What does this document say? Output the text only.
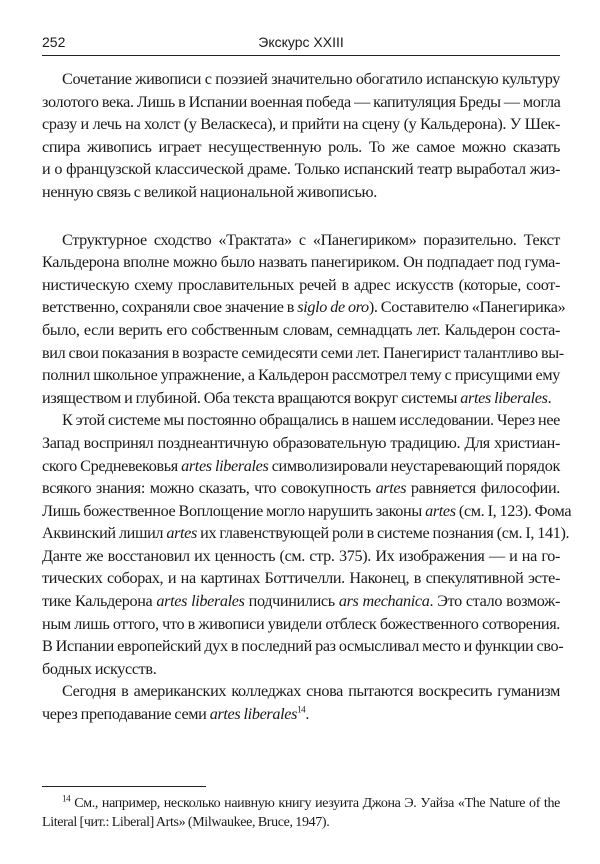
252	Экскурс XXIII
Сочетание живописи с поэзией значительно обогатило испанскую культуру
золотого века. Лишь в Испании военная победа — капитуляция Бреды — могла
сразу и лечь на холст (у Веласкеса), и прийти на сцену (у Кальдерона). У Шек-
спира живопись играет несущественную роль. То же самое можно сказать
и о французской классической драме. Только испанский театр выработал жиз-
ненную связь с великой национальной живописью.
Структурное сходство «Трактата» с «Панегириком» поразительно. Текст
Кальдерона вполне можно было назвать панегириком. Он подпадает под гума-
нистическую схему прославительных речей в адрес искусств (которые, соот-
ветственно, сохраняли свое значение в siglo de oro). Составителю «Панегирика»
было, если верить его собственным словам, семнадцать лет. Кальдерон соста-
вил свои показания в возрасте семидесяти семи лет. Панегирист талантливо вы-
полнил школьное упражнение, а Кальдерон рассмотрел тему с присущими ему
изяществом и глубиной. Оба текста вращаются вокруг системы artes liberales.
К этой системе мы постоянно обращались в нашем исследовании. Через нее
Запад воспринял позднеантичную образовательную традицию. Для христиан-
ского Средневековья artes liberales символизировали неустаревающий порядок
всякого знания: можно сказать, что совокупность artes равняется философии.
Лишь божественное Воплощение могло нарушить законы artes (см. I, 123). Фома
Аквинский лишил artes их главенствующей роли в системе познания (см. I, 141).
Данте же восстановил их ценность (см. стр. 375). Их изображения — и на го-
тических соборах, и на картинах Боттичелли. Наконец, в спекулятивной эсте-
тике Кальдерона artes liberales подчинились ars mechanica. Это стало возмож-
ным лишь оттого, что в живописи увидели отблеск божественного сотворения.
В Испании европейский дух в последний раз осмысливал место и функции сво-
бодных искусств.
Сегодня в американских колледжах снова пытаются воскресить гуманизм
через преподавание семи artes liberales$^{14}$.
$^{14}$ См., например, несколько наивную книгу иезуита Джона Э. Уайза «The Nature of the
Literal [чит.: Liberal] Arts» (Milwaukee, Bruce, 1947).
